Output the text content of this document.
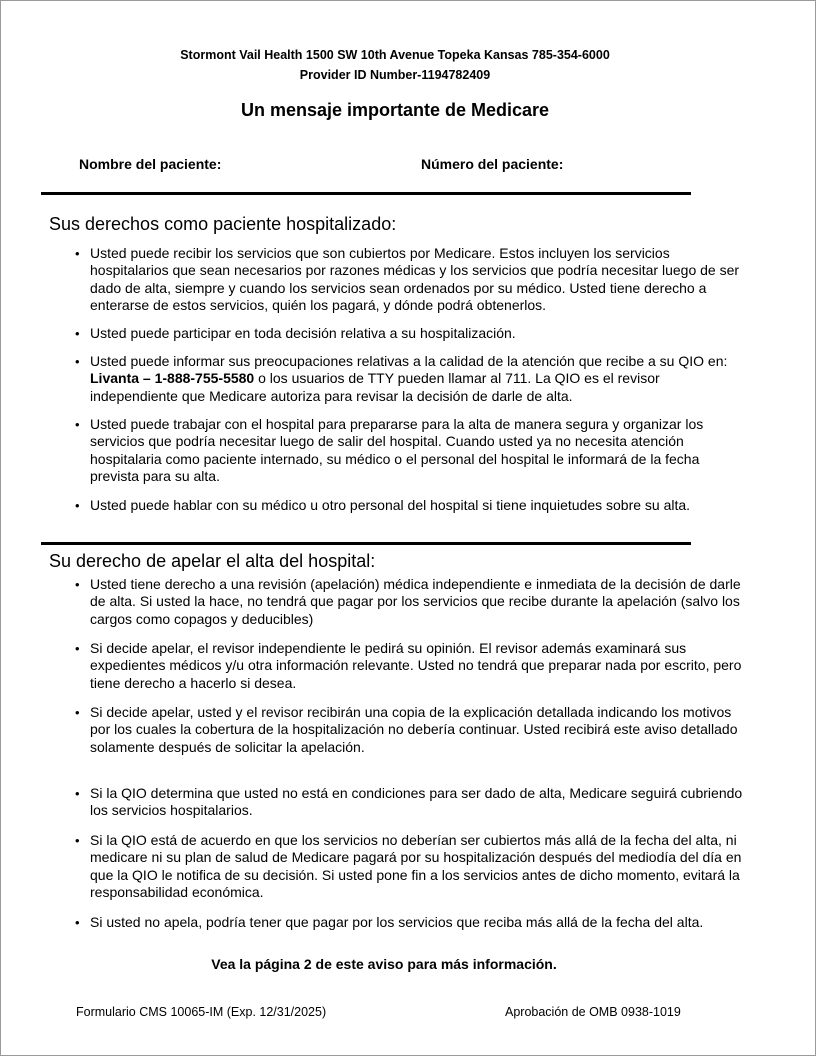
Stormont Vail Health 1500 SW 10th Avenue Topeka Kansas 785-354-6000
Provider ID Number-1194782409
Un mensaje importante de Medicare
Nombre del paciente:	Número del paciente:
Sus derechos como paciente hospitalizado:
• Usted puede recibir los servicios que son cubiertos por Medicare. Estos incluyen los servicios hospitalarios que sean necesarios por razones médicas y los servicios que podría necesitar luego de ser dado de alta, siempre y cuando los servicios sean ordenados por su médico. Usted tiene derecho a enterarse de estos servicios, quién los pagará, y dónde podrá obtenerlos.
• Usted puede participar en toda decisión relativa a su hospitalización.
• Usted puede informar sus preocupaciones relativas a la calidad de la atención que recibe a su QIO en: Livanta – 1-888-755-5580 o los usuarios de TTY pueden llamar al 711. La QIO es el revisor independiente que Medicare autoriza para revisar la decisión de darle de alta.
• Usted puede trabajar con el hospital para prepararse para la alta de manera segura y organizar los servicios que podría necesitar luego de salir del hospital. Cuando usted ya no necesita atención hospitalaria como paciente internado, su médico o el personal del hospital le informará de la fecha prevista para su alta.
• Usted puede hablar con su médico u otro personal del hospital si tiene inquietudes sobre su alta.
Su derecho de apelar el alta del hospital:
• Usted tiene derecho a una revisión (apelación) médica independiente e inmediata de la decisión de darle de alta. Si usted la hace, no tendrá que pagar por los servicios que recibe durante la apelación (salvo los cargos como copagos y deducibles)
• Si decide apelar, el revisor independiente le pedirá su opinión. El revisor además examinará sus expedientes médicos y/u otra información relevante. Usted no tendrá que preparar nada por escrito, pero tiene derecho a hacerlo si desea.
• Si decide apelar, usted y el revisor recibirán una copia de la explicación detallada indicando los motivos por los cuales la cobertura de la hospitalización no debería continuar. Usted recibirá este aviso detallado solamente después de solicitar la apelación.
• Si la QIO determina que usted no está en condiciones para ser dado de alta, Medicare seguirá cubriendo los servicios hospitalarios.
• Si la QIO está de acuerdo en que los servicios no deberían ser cubiertos más allá de la fecha del alta, ni medicare ni su plan de salud de Medicare pagará por su hospitalización después del mediodía del día en que la QIO le notifica de su decisión. Si usted pone fin a los servicios antes de dicho momento, evitará la responsabilidad económica.
• Si usted no apela, podría tener que pagar por los servicios que reciba más allá de la fecha del alta.
Vea la página 2 de este aviso para más información.
Formulario CMS 10065-IM (Exp. 12/31/2025)	Aprobación de OMB 0938-1019
